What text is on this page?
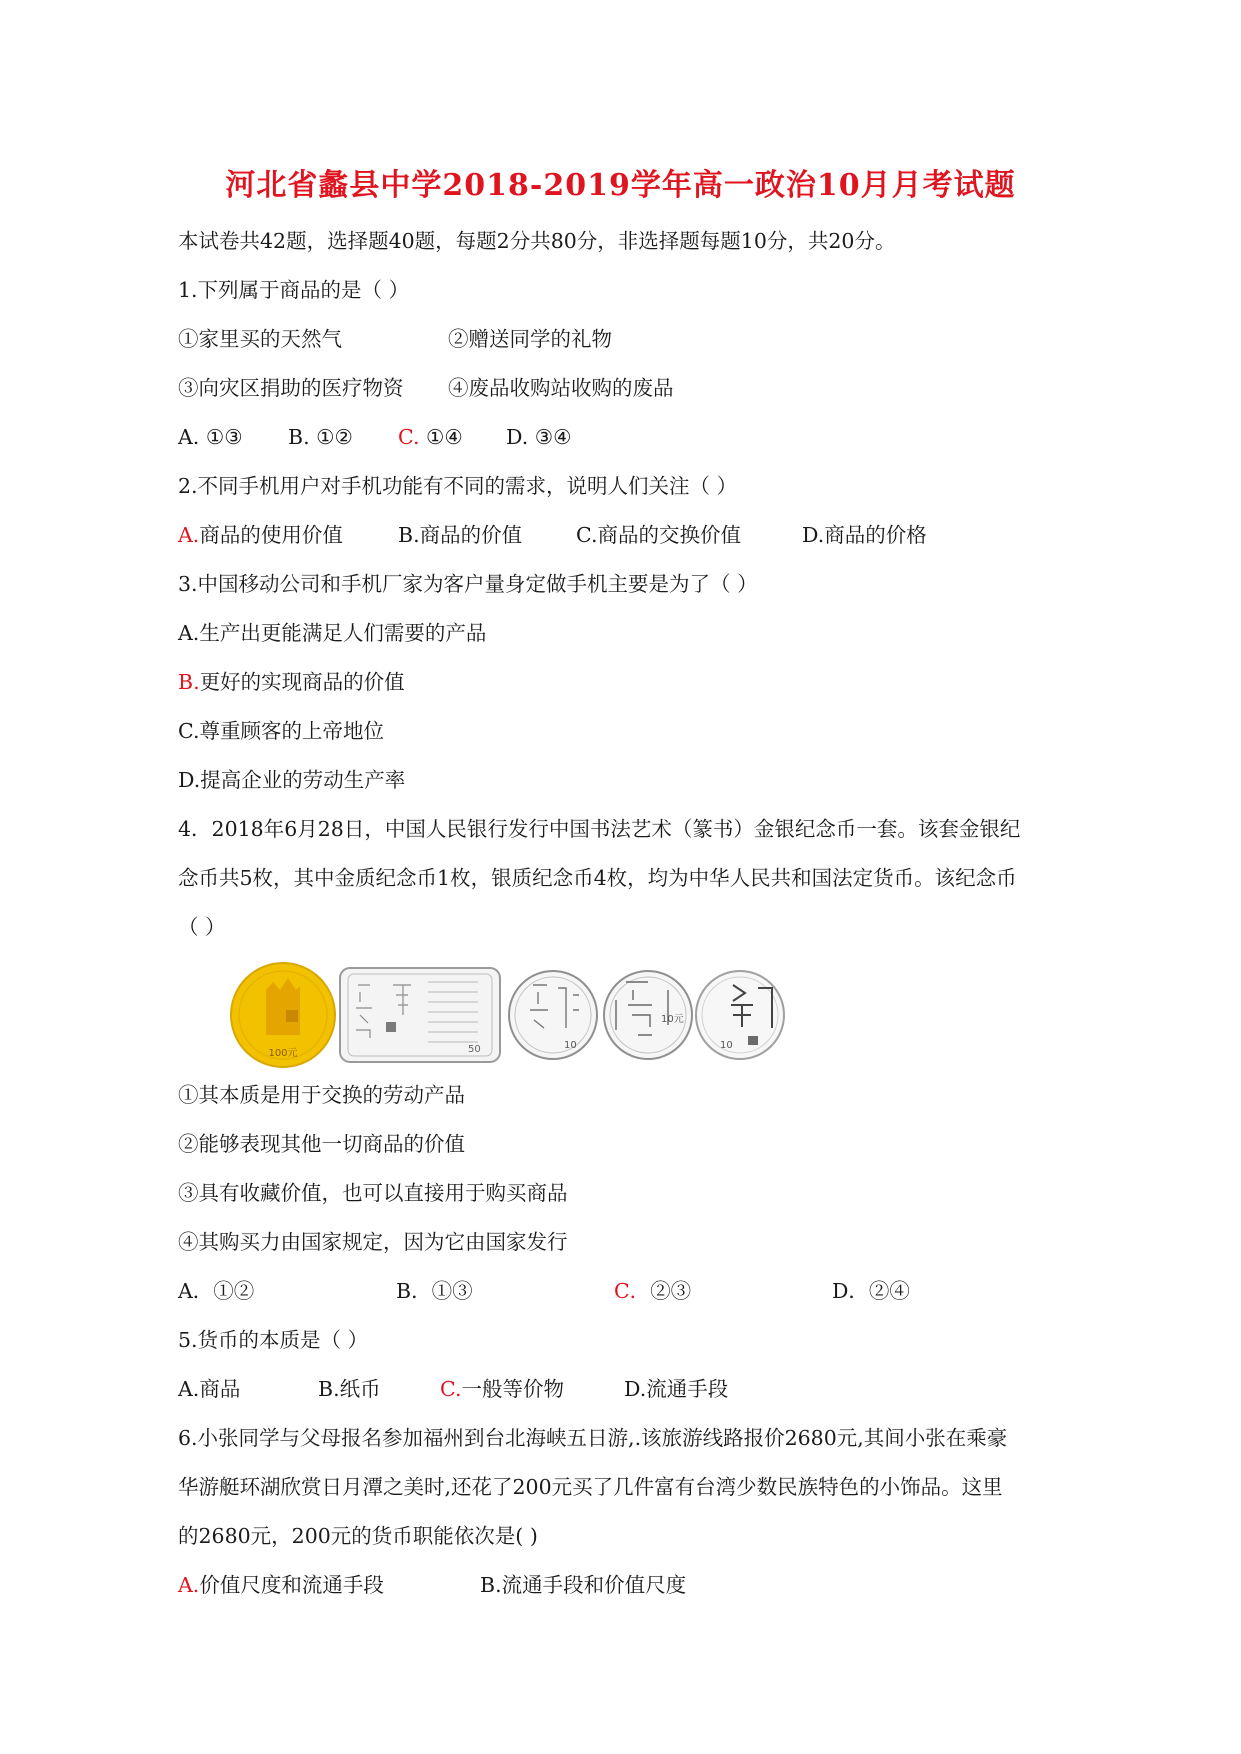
河北省蠡县中学2018-2019学年高一政治10月月考试题
本试卷共42题，选择题40题，每题2分共80分，非选择题每题10分，共20分。
1.下列属于商品的是（ ）
①家里买的天然气	②赠送同学的礼物
③向灾区捐助的医疗物资 ④废品收购站收购的废品
A. ①③ B. ①② C. ①④ D. ③④
2.不同手机用户对手机功能有不同的需求，说明人们关注（ ）
A.商品的使用价值	B.商品的价值	C.商品的交换价值	D.商品的价格
3.中国移动公司和手机厂家为客户量身定做手机主要是为了（ ）
A.生产出更能满足人们需要的产品
B.更好的实现商品的价值
C.尊重顾客的上帝地位
D.提高企业的劳动生产率
4．2018年6月28日，中国人民银行发行中国书法艺术（篆书）金银纪念币一套。该套金银纪
念币共5枚，其中金质纪念币1枚，银质纪念币4枚，均为中华人民共和国法定货币。该纪念币
（ ）
100元	50	10
10元
10
①其本质是用于交换的劳动产品
②能够表现其他一切商品的价值
③具有收藏价值，也可以直接用于购买商品
④其购买力由国家规定，因为它由国家发行
A．①②	B．①③	C．②③	D．②④
5.货币的本质是（ ）
A.商品	B.纸币	C.一般等价物	D.流通手段
6.小张同学与父母报名参加福州到台北海峡五日游,.该旅游线路报价2680元,其间小张在乘豪
华游艇环湖欣赏日月潭之美时,还花了200元买了几件富有台湾少数民族特色的小饰品。这里
的2680元，200元的货币职能依次是( )
A.价值尺度和流通手段	B.流通手段和价值尺度
